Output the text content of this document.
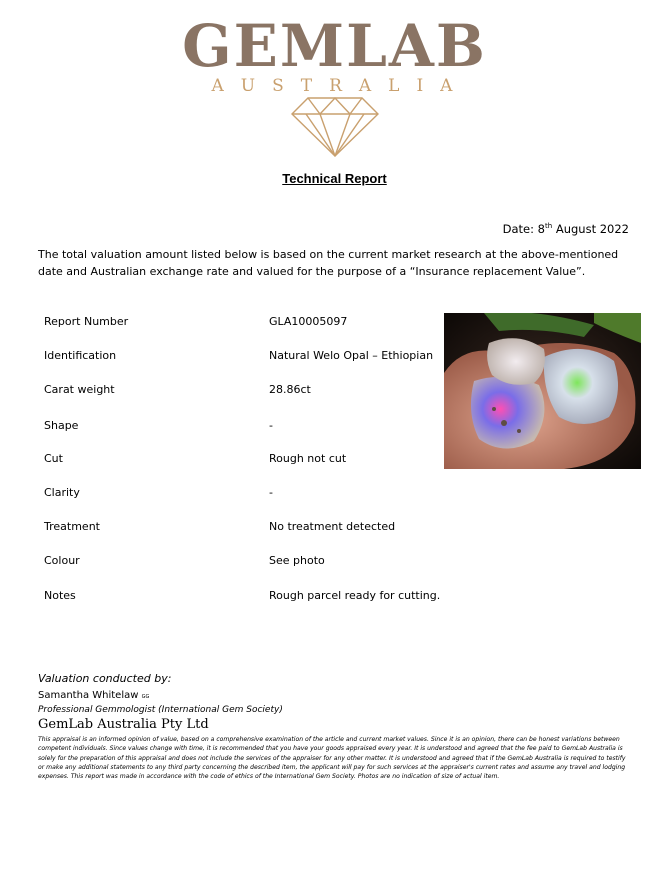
GEMLAB
AUSTRALIA
Technical Report
Date: 8th August 2022
The total valuation amount listed below is based on the current market research at the above-mentioned date and Australian exchange rate and valued for the purpose of a “Insurance replacement Value”.
Report Number	GLA10005097
Identification	Natural Welo Opal – Ethiopian
Carat weight	28.86ct
Shape	-
Cut	Rough not cut
Clarity	-
Treatment	No treatment detected
Colour	See photo
Notes	Rough parcel ready for cutting.
Valuation conducted by:
Samantha Whitelaw GG
Professional Gemmologist (International Gem Society)
GemLab Australia Pty Ltd
This appraisal is an informed opinion of value, based on a comprehensive examination of the article and current market values. Since it is an opinion, there can be honest variations between competent individuals. Since values change with time, it is recommended that you have your goods appraised every year. It is understood and agreed that the fee paid to GemLab Australia is solely for the preparation of this appraisal and does not include the services of the appraiser for any other matter. It is understood and agreed that if the GemLab Australia is required to testify or make any additional statements to any third party concerning the described item, the applicant will pay for such services at the appraiser's current rates and assume any travel and lodging expenses. This report was made in accordance with the code of ethics of the International Gem Society. Photos are no indication of size of actual item.
